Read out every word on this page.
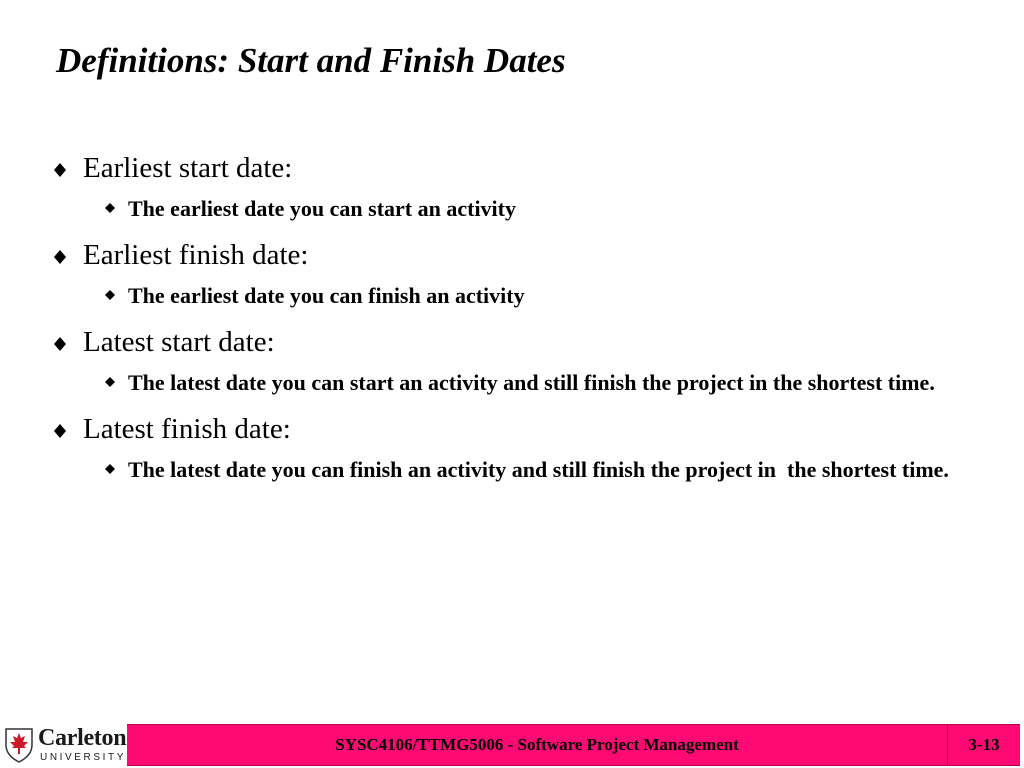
Definitions: Start and Finish Dates
Earliest start date:
The earliest date you can start an activity
Earliest finish date:
The earliest date you can finish an activity
Latest start date:
The latest date you can start an activity and still finish the project in the shortest time.
Latest finish date:
The latest date you can finish an activity and still finish the project in  the shortest time.
Carleton
UNIVERSITY
SYSC4106/TTMG5006 - Software Project Management	3-13
